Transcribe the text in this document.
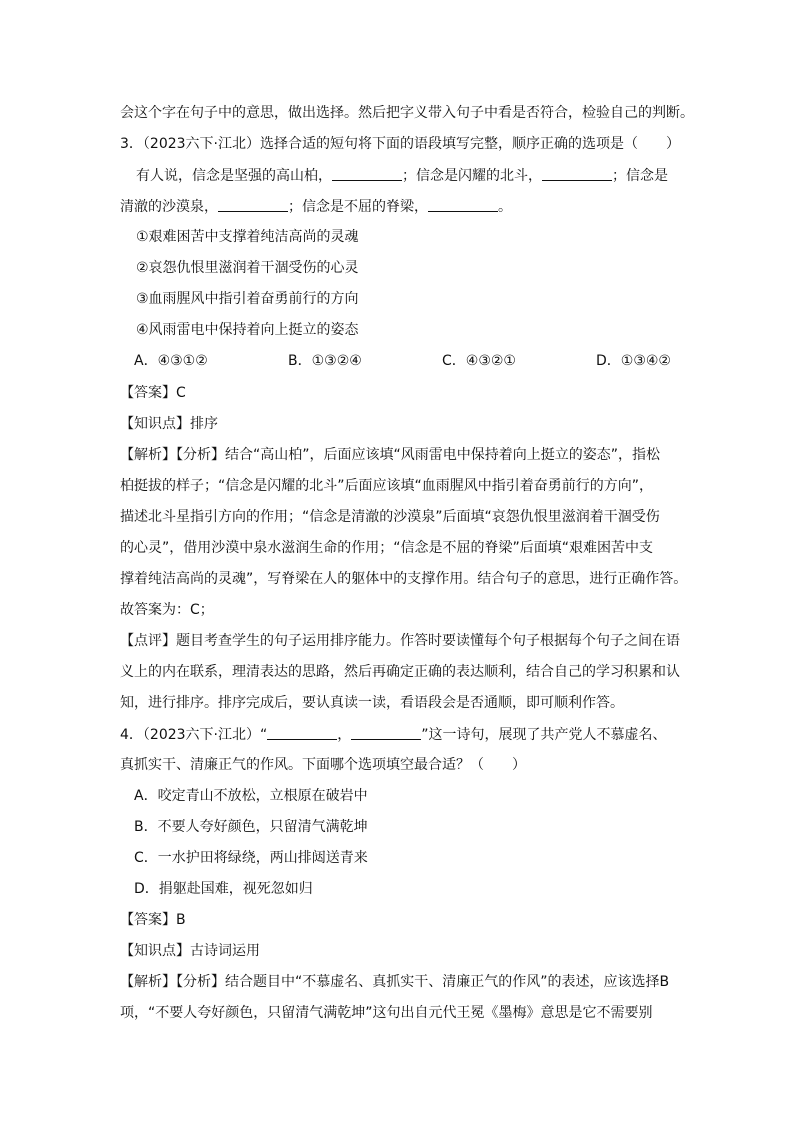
会这个字在句子中的意思，做出选择。然后把字义带入句子中看是否符合，检验自己的判断。
3．（2023六下·江北）选择合适的短句将下面的语段填写完整，顺序正确的选项是（　　）
有人说，信念是坚强的高山柏，	；信念是闪耀的北斗，	；信念是
清澈的沙漠泉，	；信念是不屈的脊梁，	。
①艰难困苦中支撑着纯洁高尚的灵魂
②哀怨仇恨里滋润着干涸受伤的心灵
③血雨腥风中指引着奋勇前行的方向
④风雨雷电中保持着向上挺立的姿态
A．④③①②	B．①③②④	C．④③②①	D．①③④②
【答案】C
【知识点】排序
【解析】【分析】结合“高山柏”，后面应该填“风雨雷电中保持着向上挺立的姿态”，指松
柏挺拔的样子；“信念是闪耀的北斗”后面应该填“血雨腥风中指引着奋勇前行的方向”，
描述北斗星指引方向的作用；“信念是清澈的沙漠泉”后面填“哀怨仇恨里滋润着干涸受伤
的心灵”，借用沙漠中泉水滋润生命的作用；“信念是不屈的脊梁”后面填“艰难困苦中支
撑着纯洁高尚的灵魂”，写脊梁在人的躯体中的支撑作用。结合句子的意思，进行正确作答。
故答案为：C；
【点评】题目考查学生的句子运用排序能力。作答时要读懂每个句子根据每个句子之间在语
义上的内在联系，理清表达的思路，然后再确定正确的表达顺利，结合自己的学习积累和认
知，进行排序。排序完成后，要认真读一读，看语段会是否通顺，即可顺利作答。
4．（2023六下·江北）“	，	”这一诗句，展现了共产党人不慕虚名、
真抓实干、清廉正气的作风。下面哪个选项填空最合适？（　　）
A．咬定青山不放松，立根原在破岩中
B．不要人夸好颜色，只留清气满乾坤
C．一水护田将绿绕，两山排闼送青来
D．捐躯赴国难，视死忽如归
【答案】B
【知识点】古诗词运用
【解析】【分析】结合题目中“不慕虚名、真抓实干、清廉正气的作风”的表述，应该选择B
项，“不要人夸好颜色，只留清气满乾坤”这句出自元代王冕《墨梅》意思是它不需要别
